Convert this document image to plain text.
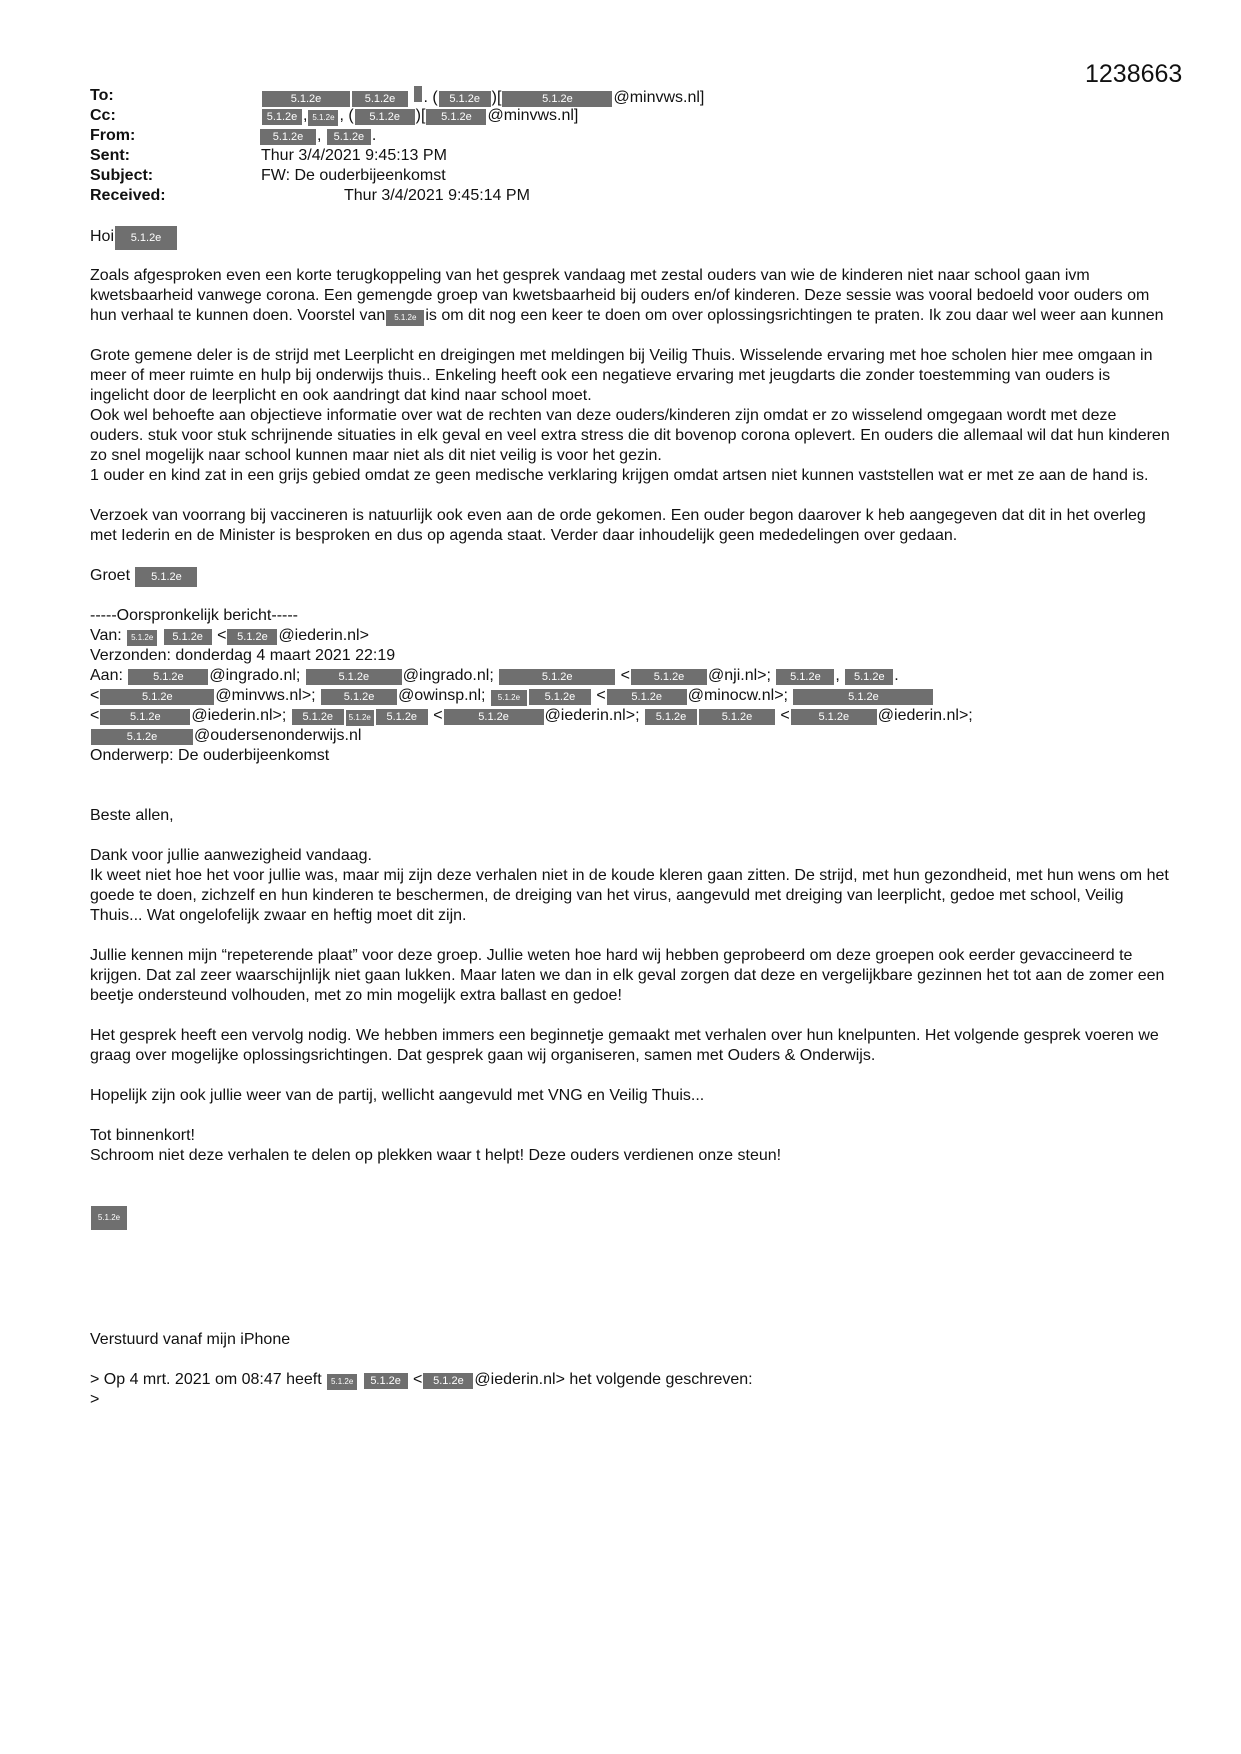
1238663
To:	5.1.2e	5.1.2e . ( 5.1.2e )[	5.1.2e	@minvws.nl]
Cc:	5.1.2e , 5.1.2e , ( 5.1.2e )[ 5.1.2e @minvws.nl]
From:	5.1.2e , 5.1.2e .
Sent:	Thur 3/4/2021 9:45:13 PM
Subject:	FW: De ouderbijeenkomst
Received:	Thur 3/4/2021 9:45:14 PM
Hoi 5.1.2e
Zoals afgesproken even een korte terugkoppeling van het gesprek vandaag met zestal ouders van wie de kinderen niet naar school gaan ivm kwetsbaarheid vanwege corona. Een gemengde groep van kwetsbaarheid bij ouders en/of kinderen. Deze sessie was vooral bedoeld voor ouders om hun verhaal te kunnen doen. Voorstel van 5.1.2e is om dit nog een keer te doen om over oplossingsrichtingen te praten. Ik zou daar wel weer aan kunnen
Grote gemene deler is de strijd met Leerplicht en dreigingen met meldingen bij Veilig Thuis. Wisselende ervaring met hoe scholen hier mee omgaan in meer of meer ruimte en hulp bij onderwijs thuis.. Enkeling heeft ook een negatieve ervaring met jeugdarts die zonder toestemming van ouders is ingelicht door de leerplicht en ook aandringt dat kind naar school moet.
Ook wel behoefte aan objectieve informatie over wat de rechten van deze ouders/kinderen zijn omdat er zo wisselend omgegaan wordt met deze ouders. stuk voor stuk schrijnende situaties in elk geval en veel extra stress die dit bovenop corona oplevert. En ouders die allemaal wil dat hun kinderen zo snel mogelijk naar school kunnen maar niet als dit niet veilig is voor het gezin.
1 ouder en kind zat in een grijs gebied omdat ze geen medische verklaring krijgen omdat artsen niet kunnen vaststellen wat er met ze aan de hand is.
Verzoek van voorrang bij vaccineren is natuurlijk ook even aan de orde gekomen. Een ouder begon daarover k heb aangegeven dat dit in het overleg met Iederin en de Minister is besproken en dus op agenda staat. Verder daar inhoudelijk geen mededelingen over gedaan.
Groet 5.1.2e
-----Oorspronkelijk bericht-----
Van: 5.1.2e 5.1.2e < 5.1.2e @iederin.nl>
Verzonden: donderdag 4 maart 2021 22:19
Aan:	5.1.2e @ingrado.nl;	5.1.2e @ingrado.nl;	5.1.2e	< 5.1.2e @nji.nl>; 5.1.2e , 5.1.2e .
<	5.1.2e	@minvws.nl>;	5.1.2e @owinsp.nl; 5.1.2e 5.1.2e < 5.1.2e @minocw.nl>;	5.1.2e
<	5.1.2e @iederin.nl>; 5.1.2e 5.1.2e 5.1.2e <	5.1.2e @iederin.nl>; 5.1.2e	5.1.2e <	5.1.2e @iederin.nl>;
5.1.2e @oudersenonderwijs.nl
Onderwerp: De ouderbijeenkomst
Beste allen,
Dank voor jullie aanwezigheid vandaag.
Ik weet niet hoe het voor jullie was, maar mij zijn deze verhalen niet in de koude kleren gaan zitten. De strijd, met hun gezondheid, met hun wens om het goede te doen, zichzelf en hun kinderen te beschermen, de dreiging van het virus, aangevuld met dreiging van leerplicht, gedoe met school, Veilig Thuis... Wat ongelofelijk zwaar en heftig moet dit zijn.
Jullie kennen mijn “repeterende plaat” voor deze groep. Jullie weten hoe hard wij hebben geprobeerd om deze groepen ook eerder gevaccineerd te krijgen. Dat zal zeer waarschijnlijk niet gaan lukken. Maar laten we dan in elk geval zorgen dat deze en vergelijkbare gezinnen het tot aan de zomer een beetje ondersteund volhouden, met zo min mogelijk extra ballast en gedoe!
Het gesprek heeft een vervolg nodig. We hebben immers een beginnetje gemaakt met verhalen over hun knelpunten. Het volgende gesprek voeren we graag over mogelijke oplossingsrichtingen. Dat gesprek gaan wij organiseren, samen met Ouders & Onderwijs.
Hopelijk zijn ook jullie weer van de partij, wellicht aangevuld met VNG en Veilig Thuis...
Tot binnenkort!
Schroom niet deze verhalen te delen op plekken waar t helpt! Deze ouders verdienen onze steun!
5.1.2e
Verstuurd vanaf mijn iPhone
> Op 4 mrt. 2021 om 08:47 heeft 5.1.2e 5.1.2e < 5.1.2e @iederin.nl> het volgende geschreven:
>
